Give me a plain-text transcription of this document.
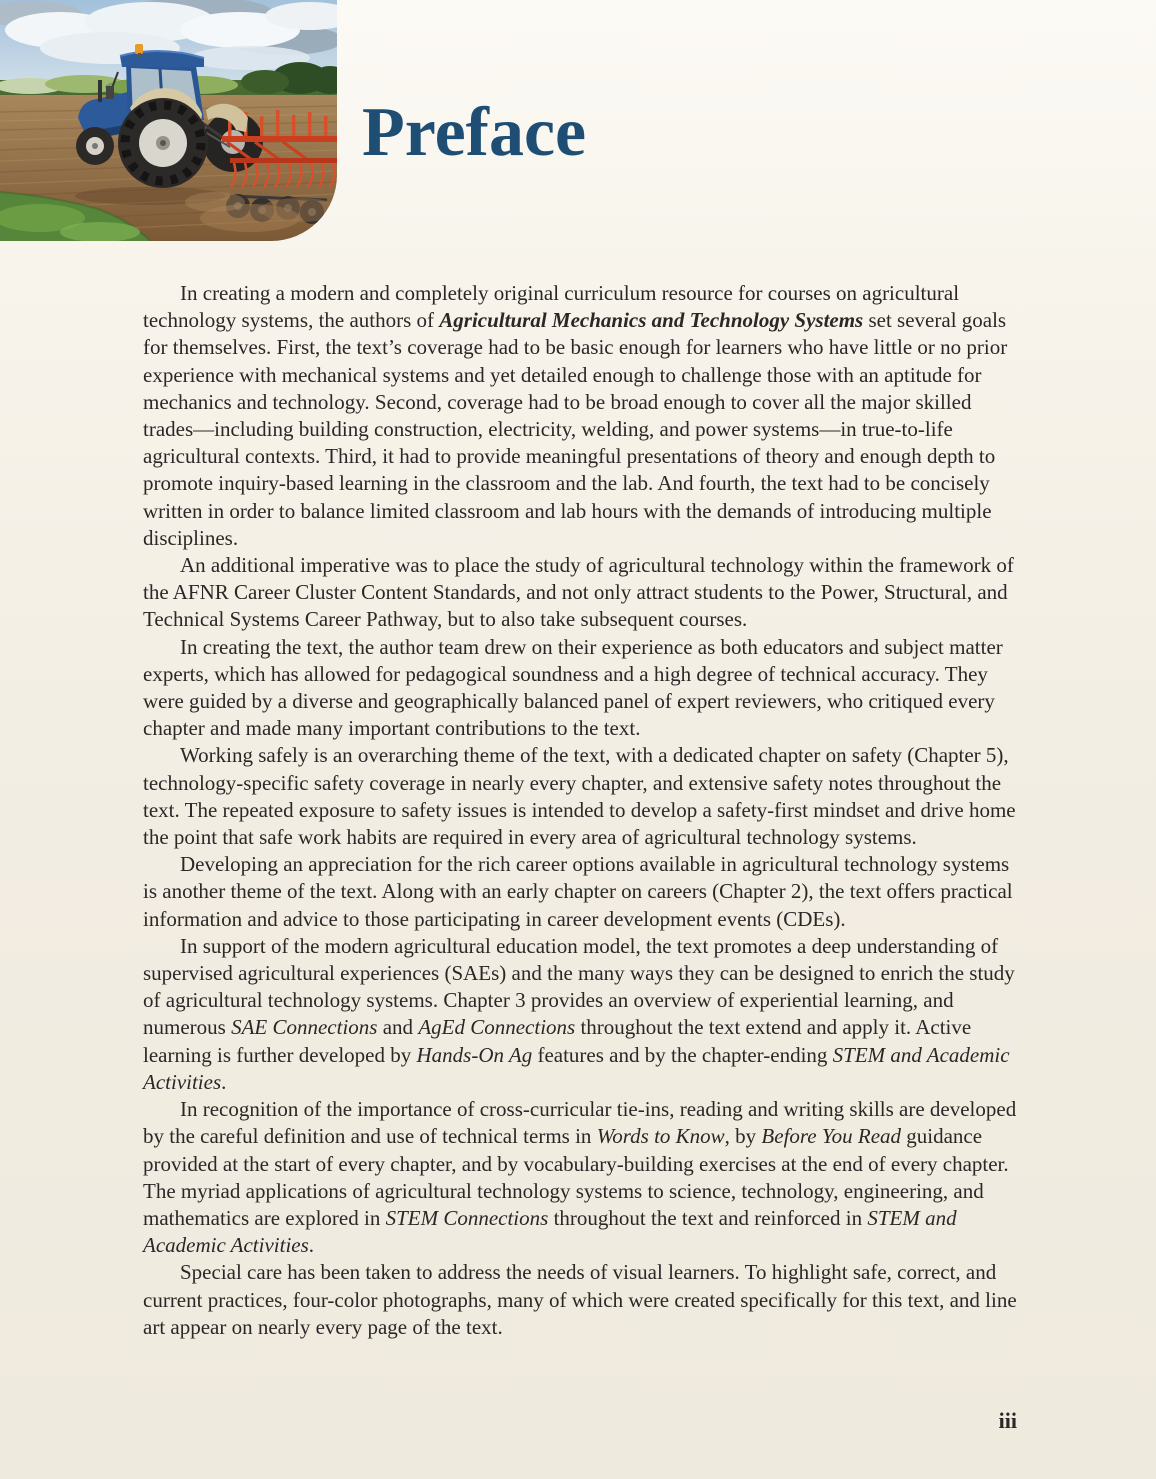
Preface

In creating a modern and completely original curriculum resource for courses on agricultural technology systems, the authors of Agricultural Mechanics and Technology Systems set several goals for themselves. First, the text’s coverage had to be basic enough for learners who have little or no prior experience with mechanical systems and yet detailed enough to challenge those with an aptitude for mechanics and technology. Second, coverage had to be broad enough to cover all the major skilled trades—including building construction, electricity, welding, and power systems—in true-to-life agricultural contexts. Third, it had to provide meaningful presentations of theory and enough depth to promote inquiry-based learning in the classroom and the lab. And fourth, the text had to be concisely written in order to balance limited classroom and lab hours with the demands of introducing multiple disciplines.

An additional imperative was to place the study of agricultural technology within the framework of the AFNR Career Cluster Content Standards, and not only attract students to the Power, Structural, and Technical Systems Career Pathway, but to also take subsequent courses.

In creating the text, the author team drew on their experience as both educators and subject matter experts, which has allowed for pedagogical soundness and a high degree of technical accuracy. They were guided by a diverse and geographically balanced panel of expert reviewers, who critiqued every chapter and made many important contributions to the text.

Working safely is an overarching theme of the text, with a dedicated chapter on safety (Chapter 5), technology-specific safety coverage in nearly every chapter, and extensive safety notes throughout the text. The repeated exposure to safety issues is intended to develop a safety-first mindset and drive home the point that safe work habits are required in every area of agricultural technology systems.

Developing an appreciation for the rich career options available in agricultural technology systems is another theme of the text. Along with an early chapter on careers (Chapter 2), the text offers practical information and advice to those participating in career development events (CDEs).

In support of the modern agricultural education model, the text promotes a deep understanding of supervised agricultural experiences (SAEs) and the many ways they can be designed to enrich the study of agricultural technology systems. Chapter 3 provides an overview of experiential learning, and numerous SAE Connections and AgEd Connections throughout the text extend and apply it. Active learning is further developed by Hands-On Ag features and by the chapter-ending STEM and Academic Activities.

In recognition of the importance of cross-curricular tie-ins, reading and writing skills are developed by the careful definition and use of technical terms in Words to Know, by Before You Read guidance provided at the start of every chapter, and by vocabulary-building exercises at the end of every chapter. The myriad applications of agricultural technology systems to science, technology, engineering, and mathematics are explored in STEM Connections throughout the text and reinforced in STEM and Academic Activities.

Special care has been taken to address the needs of visual learners. To highlight safe, correct, and current practices, four-color photographs, many of which were created specifically for this text, and line art appear on nearly every page of the text.

iii
